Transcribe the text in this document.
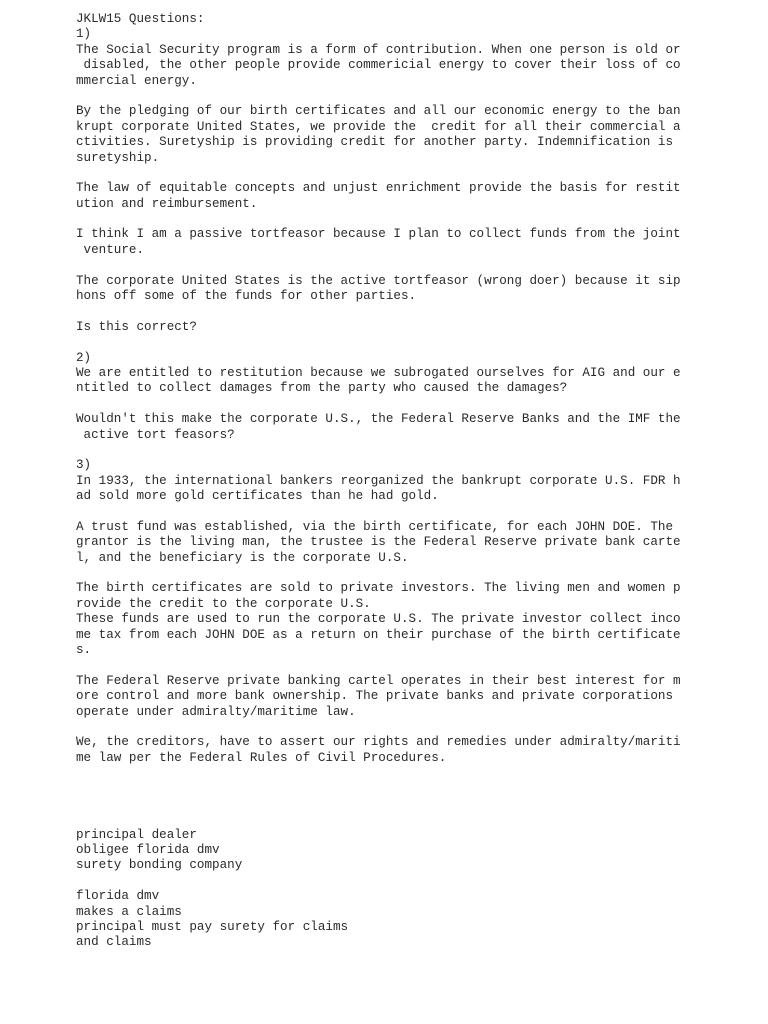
JKLW15 Questions:
1)
The Social Security program is a form of contribution. When one person is old or
disabled, the other people provide commericial energy to cover their loss of co
mmercial energy.

By the pledging of our birth certificates and all our economic energy to the ban
krupt corporate United States, we provide the  credit for all their commercial a
ctivities. Suretyship is providing credit for another party. Indemnification is
suretyship.

The law of equitable concepts and unjust enrichment provide the basis for restit
ution and reimbursement.

I think I am a passive tortfeasor because I plan to collect funds from the joint
venture.

The corporate United States is the active tortfeasor (wrong doer) because it sip
hons off some of the funds for other parties.

Is this correct?

2)
We are entitled to restitution because we subrogated ourselves for AIG and our e
ntitled to collect damages from the party who caused the damages?

Wouldn't this make the corporate U.S., the Federal Reserve Banks and the IMF the
active tort feasors?

3)
In 1933, the international bankers reorganized the bankrupt corporate U.S. FDR h
ad sold more gold certificates than he had gold.

A trust fund was established, via the birth certificate, for each JOHN DOE. The
grantor is the living man, the trustee is the Federal Reserve private bank carte
l, and the beneficiary is the corporate U.S.

The birth certificates are sold to private investors. The living men and women p
rovide the credit to the corporate U.S.
These funds are used to run the corporate U.S. The private investor collect inco
me tax from each JOHN DOE as a return on their purchase of the birth certificate
s.

The Federal Reserve private banking cartel operates in their best interest for m
ore control and more bank ownership. The private banks and private corporations
operate under admiralty/maritime law.

We, the creditors, have to assert our rights and remedies under admiralty/mariti
me law per the Federal Rules of Civil Procedures.

principal dealer
obligee florida dmv
surety bonding company

florida dmv
makes a claims
principal must pay surety for claims
and claims
